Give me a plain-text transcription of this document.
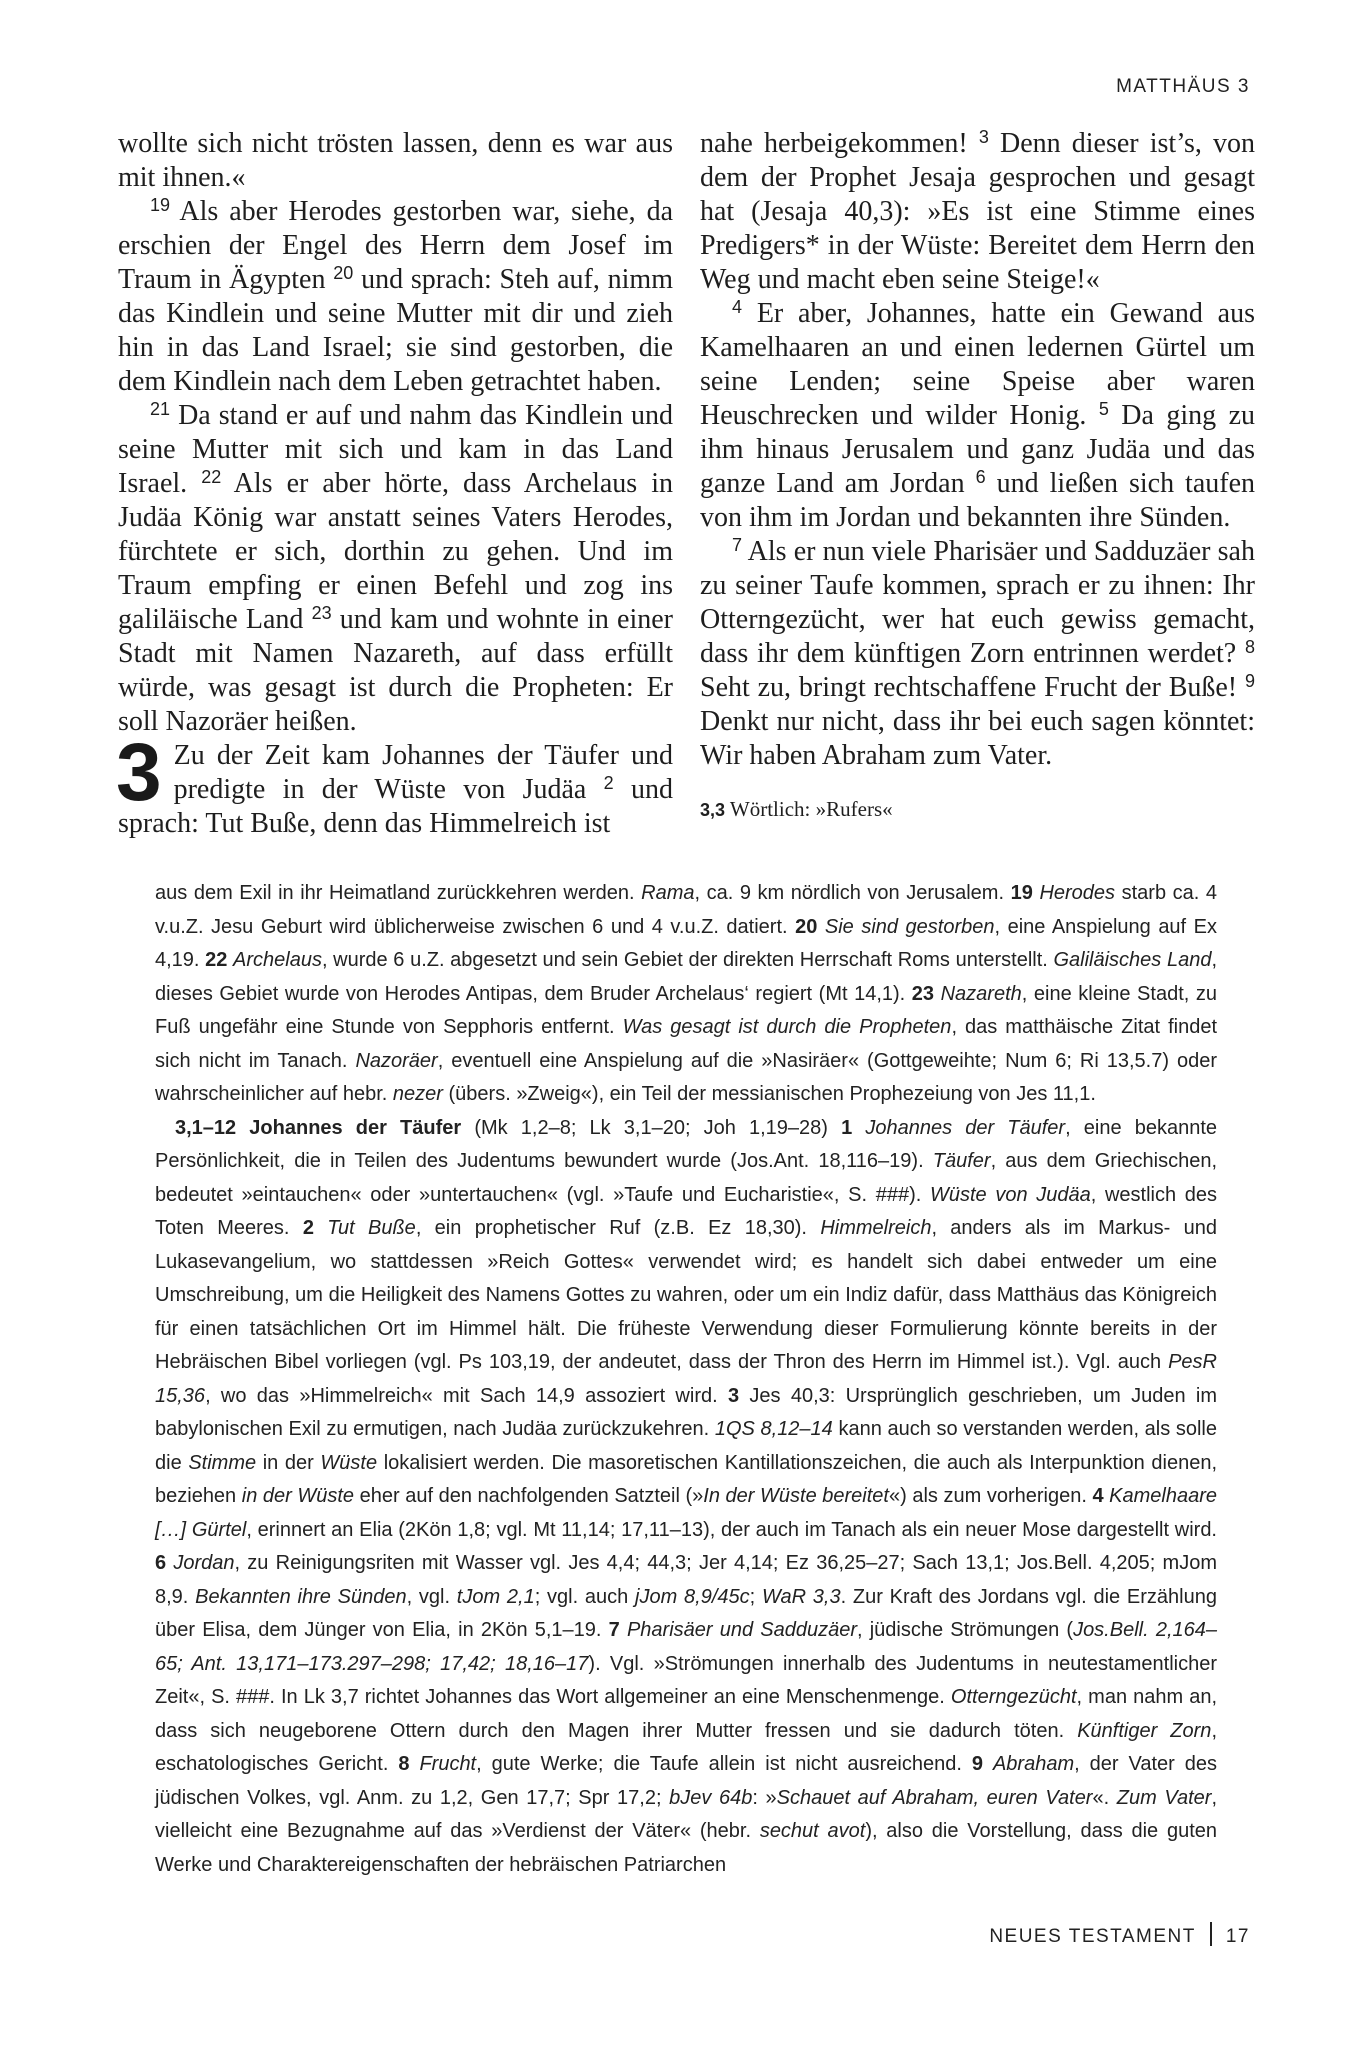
MATTHÄUS 3

wollte sich nicht trösten lassen, denn es war aus mit ihnen.«

$^{19}$ Als aber Herodes gestorben war, siehe, da erschien der Engel des Herrn dem Josef im Traum in Ägypten $^{20}$ und sprach: Steh auf, nimm das Kindlein und seine Mutter mit dir und zieh hin in das Land Israel; sie sind gestorben, die dem Kindlein nach dem Leben getrachtet haben.

$^{21}$ Da stand er auf und nahm das Kindlein und seine Mutter mit sich und kam in das Land Israel. $^{22}$ Als er aber hörte, dass Archelaus in Judäa König war anstatt seines Vaters Herodes, fürchtete er sich, dorthin zu gehen. Und im Traum empfing er einen Befehl und zog ins galiläische Land $^{23}$ und kam und wohnte in einer Stadt mit Namen Nazareth, auf dass erfüllt würde, was gesagt ist durch die Propheten: Er soll Nazoräer heißen.

3 Zu der Zeit kam Johannes der Täufer und predigte in der Wüste von Judäa $^2$ und sprach: Tut Buße, denn das Himmelreich ist

nahe herbeigekommen! $^3$ Denn dieser ist’s, von dem der Prophet Jesaja gesprochen und gesagt hat (Jesaja 40,3): »Es ist eine Stimme eines Predigers* in der Wüste: Bereitet dem Herrn den Weg und macht eben seine Steige!«

$^4$ Er aber, Johannes, hatte ein Gewand aus Kamelhaaren an und einen ledernen Gürtel um seine Lenden; seine Speise aber waren Heuschrecken und wilder Honig. $^5$ Da ging zu ihm hinaus Jerusalem und ganz Judäa und das ganze Land am Jordan $^6$ und ließen sich taufen von ihm im Jordan und bekannten ihre Sünden.

$^7$ Als er nun viele Pharisäer und Sadduzäer sah zu seiner Taufe kommen, sprach er zu ihnen: Ihr Otterngezücht, wer hat euch gewiss gemacht, dass ihr dem künftigen Zorn entrinnen werdet? $^8$ Seht zu, bringt rechtschaffene Frucht der Buße! $^9$ Denkt nur nicht, dass ihr bei euch sagen könntet: Wir haben Abraham zum Vater.

3,3 Wörtlich: »Rufers«

aus dem Exil in ihr Heimatland zurückkehren werden. Rama, ca. 9 km nördlich von Jerusalem. 19 Herodes starb ca. 4 v.u.Z. Jesu Geburt wird üblicherweise zwischen 6 und 4 v.u.Z. datiert. 20 Sie sind gestorben, eine Anspielung auf Ex 4,19. 22 Archelaus, wurde 6 u.Z. abgesetzt und sein Gebiet der direkten Herrschaft Roms unterstellt. Galiläisches Land, dieses Gebiet wurde von Herodes Antipas, dem Bruder Archelaus‘ regiert (Mt 14,1). 23 Nazareth, eine kleine Stadt, zu Fuß ungefähr eine Stunde von Sepphoris entfernt. Was gesagt ist durch die Propheten, das matthäische Zitat findet sich nicht im Tanach. Nazoräer, eventuell eine Anspielung auf die »Nasiräer« (Gottgeweihte; Num 6; Ri 13,5.7) oder wahrscheinlicher auf hebr. nezer (übers. »Zweig«), ein Teil der messianischen Prophezeiung von Jes 11,1.

3,1–12 Johannes der Täufer (Mk 1,2–8; Lk 3,1–20; Joh 1,19–28) 1 Johannes der Täufer, eine bekannte Persönlichkeit, die in Teilen des Judentums bewundert wurde (Jos.Ant. 18,116–19). Täufer, aus dem Griechischen, bedeutet »eintauchen« oder »untertauchen« (vgl. »Taufe und Eucharistie«, S. ###). Wüste von Judäa, westlich des Toten Meeres. 2 Tut Buße, ein prophetischer Ruf (z.B. Ez 18,30). Himmelreich, anders als im Markus- und Lukasevangelium, wo stattdessen »Reich Gottes« verwendet wird; es handelt sich dabei entweder um eine Umschreibung, um die Heiligkeit des Namens Gottes zu wahren, oder um ein Indiz dafür, dass Matthäus das Königreich für einen tatsächlichen Ort im Himmel hält. Die früheste Verwendung dieser Formulierung könnte bereits in der Hebräischen Bibel vorliegen (vgl. Ps 103,19, der andeutet, dass der Thron des Herrn im Himmel ist.). Vgl. auch PesR 15,36, wo das »Himmelreich« mit Sach 14,9 assoziert wird. 3 Jes 40,3: Ursprünglich geschrieben, um Juden im babylonischen Exil zu ermutigen, nach Judäa zurückzukehren. 1QS 8,12–14 kann auch so verstanden werden, als solle die Stimme in der Wüste lokalisiert werden. Die masoretischen Kantillationszeichen, die auch als Interpunktion dienen, beziehen in der Wüste eher auf den nachfolgenden Satzteil (»In der Wüste bereitet«) als zum vorherigen. 4 Kamelhaare […] Gürtel, erinnert an Elia (2Kön 1,8; vgl. Mt 11,14; 17,11–13), der auch im Tanach als ein neuer Mose dargestellt wird. 6 Jordan, zu Reinigungsriten mit Wasser vgl. Jes 4,4; 44,3; Jer 4,14; Ez 36,25–27; Sach 13,1; Jos.Bell. 4,205; mJom 8,9. Bekannten ihre Sünden, vgl. tJom 2,1; vgl. auch jJom 8,9/45c; WaR 3,3. Zur Kraft des Jordans vgl. die Erzählung über Elisa, dem Jünger von Elia, in 2Kön 5,1–19. 7 Pharisäer und Sadduzäer, jüdische Strömungen (Jos.Bell. 2,164–65; Ant. 13,171–173.297–298; 17,42; 18,16–17). Vgl. »Strömungen innerhalb des Judentums in neutestamentlicher Zeit«, S. ###. In Lk 3,7 richtet Johannes das Wort allgemeiner an eine Menschenmenge. Otterngezücht, man nahm an, dass sich neugeborene Ottern durch den Magen ihrer Mutter fressen und sie dadurch töten. Künftiger Zorn, eschatologisches Gericht. 8 Frucht, gute Werke; die Taufe allein ist nicht ausreichend. 9 Abraham, der Vater des jüdischen Volkes, vgl. Anm. zu 1,2, Gen 17,7; Spr 17,2; bJev 64b: »Schauet auf Abraham, euren Vater«. Zum Vater, vielleicht eine Bezugnahme auf das »Verdienst der Väter« (hebr. sechut avot), also die Vorstellung, dass die guten Werke und Charaktereigenschaften der hebräischen Patriarchen

NEUES TESTAMENT 17
